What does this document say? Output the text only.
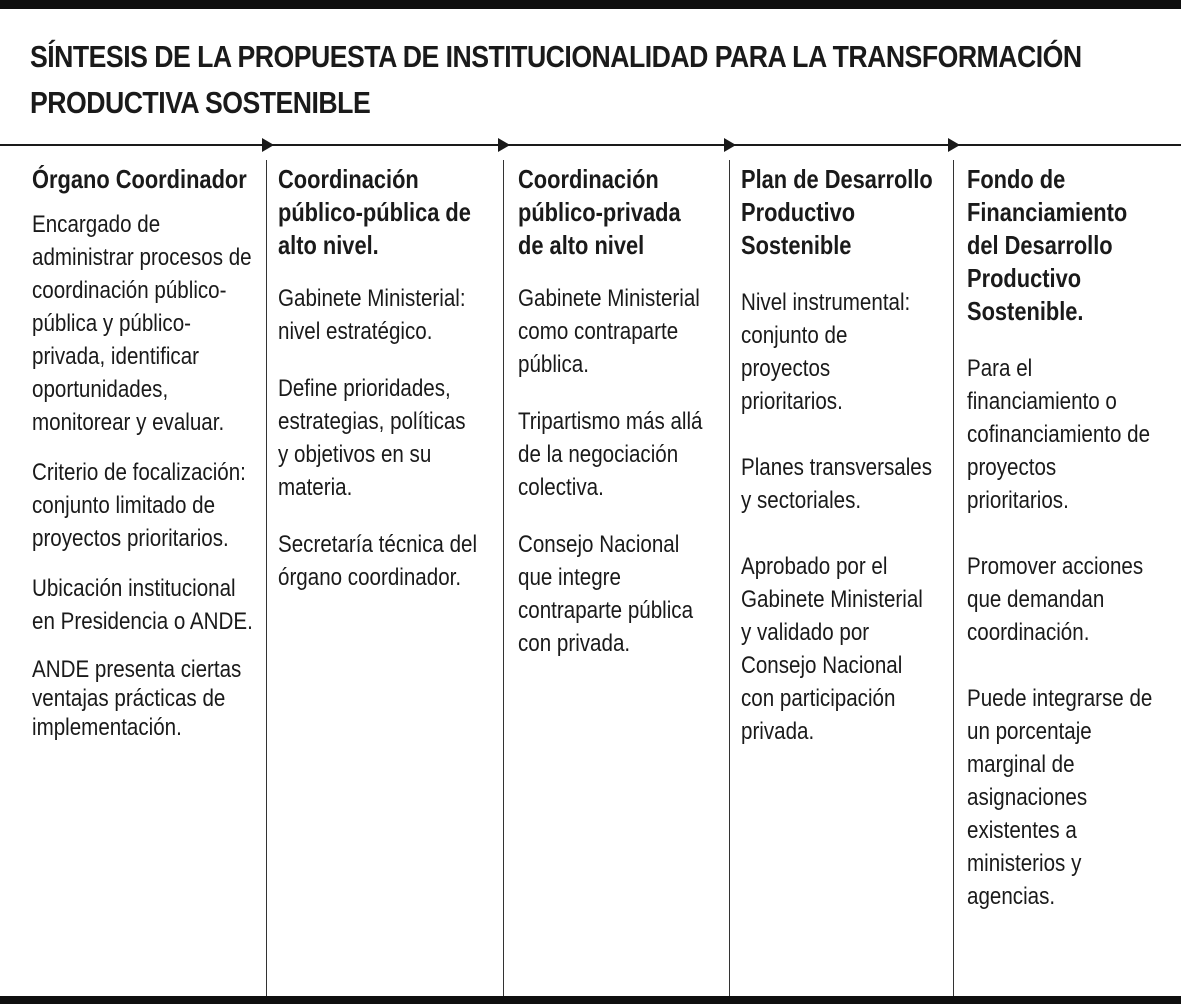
SÍNTESIS DE LA PROPUESTA DE INSTITUCIONALIDAD PARA LA TRANSFORMACIÓN PRODUCTIVA SOSTENIBLE
Órgano Coordinador

Encargado de administrar procesos de coordinación público-pública y público-privada, identificar oportunidades, monitorear y evaluar.

Criterio de focalización: conjunto limitado de proyectos prioritarios.

Ubicación institucional en Presidencia o ANDE.

ANDE presenta ciertas ventajas prácticas de implementación.

Coordinación público-pública de alto nivel.

Gabinete Ministerial: nivel estratégico.

Define prioridades, estrategias, políticas y objetivos en su materia.

Secretaría técnica del órgano coordinador.

Coordinación público-privada de alto nivel

Gabinete Ministerial como contraparte pública.

Tripartismo más allá de la negociación colectiva.

Consejo Nacional que integre contraparte pública con privada.

Plan de Desarrollo Productivo Sostenible

Nivel instrumental: conjunto de proyectos prioritarios.

Planes transversales y sectoriales.

Aprobado por el Gabinete Ministerial y validado por Consejo Nacional con participación privada.

Fondo de Financiamiento del Desarrollo Productivo Sostenible.

Para el financiamiento o cofinanciamiento de proyectos prioritarios.

Promover acciones que demandan coordinación.

Puede integrarse de un porcentaje marginal de asignaciones existentes a ministerios y agencias.
